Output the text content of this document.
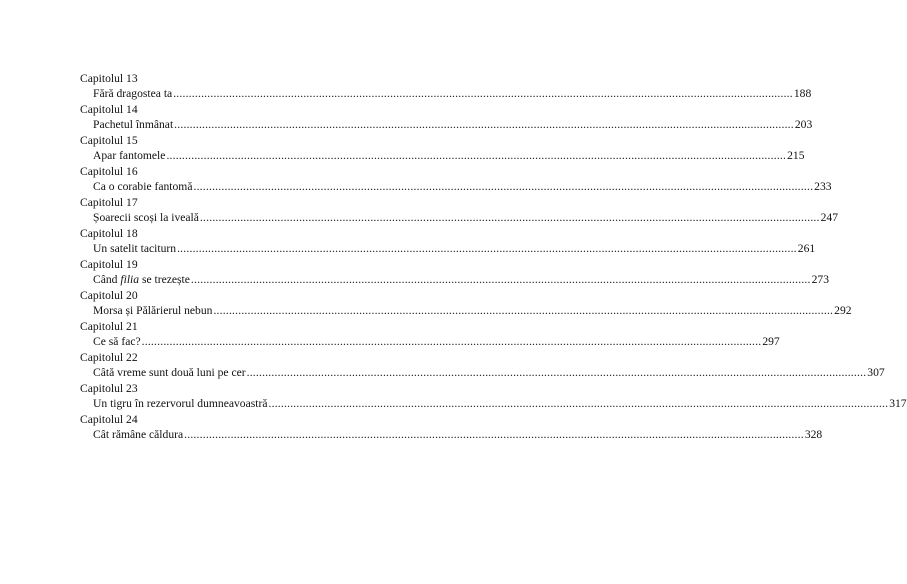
Capitolul 13
Fără dragostea ta ........................................................................................................................................................................................................ 188
Capitolul 14
Pachetul înmânat ........................................................................................................................................................................................................ 203
Capitolul 15
Apar fantomele ........................................................................................................................................................................................................ 215
Capitolul 16
Ca o corabie fantomă ........................................................................................................................................................................................................ 233
Capitolul 17
Șoarecii scoși la iveală ........................................................................................................................................................................................................ 247
Capitolul 18
Un satelit taciturn ........................................................................................................................................................................................................ 261
Capitolul 19
Când filia se trezește ........................................................................................................................................................................................................ 273
Capitolul 20
Morsa și Pălărierul nebun ........................................................................................................................................................................................................ 292
Capitolul 21
Ce să fac? ........................................................................................................................................................................................................ 297
Capitolul 22
Câtă vreme sunt două luni pe cer ........................................................................................................................................................................................................ 307
Capitolul 23
Un tigru în rezervorul dumneavoastră ........................................................................................................................................................................................................ 317
Capitolul 24
Cât rămâne căldura ........................................................................................................................................................................................................ 328
